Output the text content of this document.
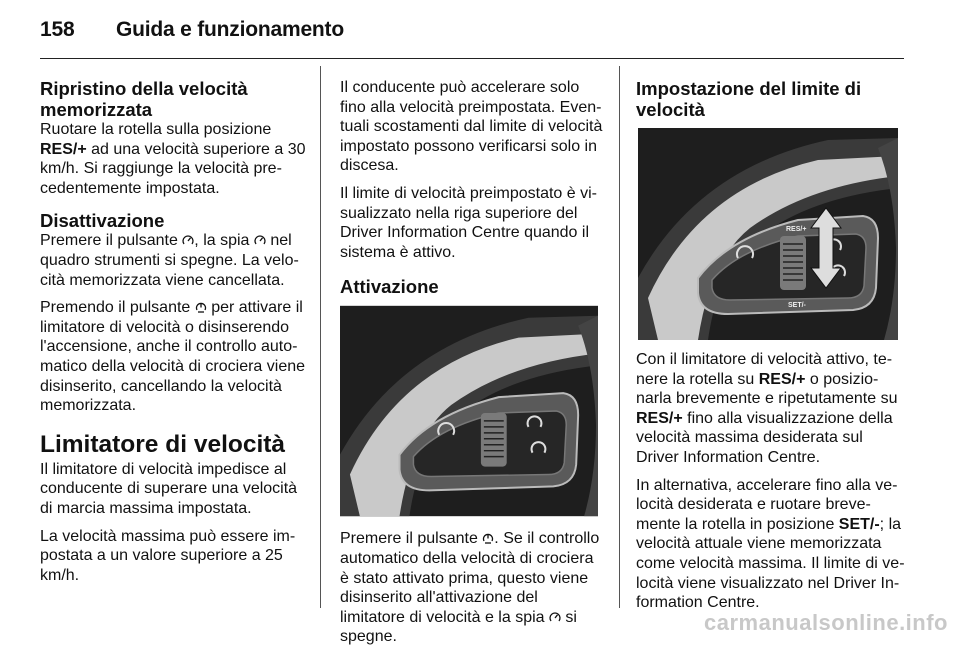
158 Guida e funzionamento
Ripristino della velocità memorizzata

Ruotare la rotella sulla posizione RES/+ ad una velocità superiore a 30 km/h. Si raggiunge la velocità precedentemente impostata.

Disattivazione

Premere il pulsante , la spia  nel quadro strumenti si spegne. La velocità memorizzata viene cancellata.

Premendo il pulsante  per attivare il limitatore di velocità o disinserendo l'accensione, anche il controllo automatico della velocità di crociera viene disinserito, cancellando la velocità memorizzata.

Limitatore di velocità

Il limitatore di velocità impedisce al conducente di superare una velocità di marcia massima impostata.

La velocità massima può essere impostata a un valore superiore a 25 km/h.

Il conducente può accelerare solo fino alla velocità preimpostata. Eventuali scostamenti dal limite di velocità impostato possono verificarsi solo in discesa.

Il limite di velocità preimpostato è visualizzato nella riga superiore del Driver Information Centre quando il sistema è attivo.

Attivazione

Premere il pulsante . Se il controllo automatico della velocità di crociera è stato attivato prima, questo viene disinserito all'attivazione del limitatore di velocità e la spia  si spegne.

Impostazione del limite di velocità
RES/+
SET/-

Con il limitatore di velocità attivo, tenere la rotella su RES/+ o posizionarla brevemente e ripetutamente su RES/+ fino alla visualizzazione della velocità massima desiderata sul Driver Information Centre.

In alternativa, accelerare fino alla velocità desiderata e ruotare brevemente la rotella in posizione SET/-; la velocità attuale viene memorizzata come velocità massima. Il limite di velocità viene visualizzato nel Driver Information Centre.

carmanualsonline.info
